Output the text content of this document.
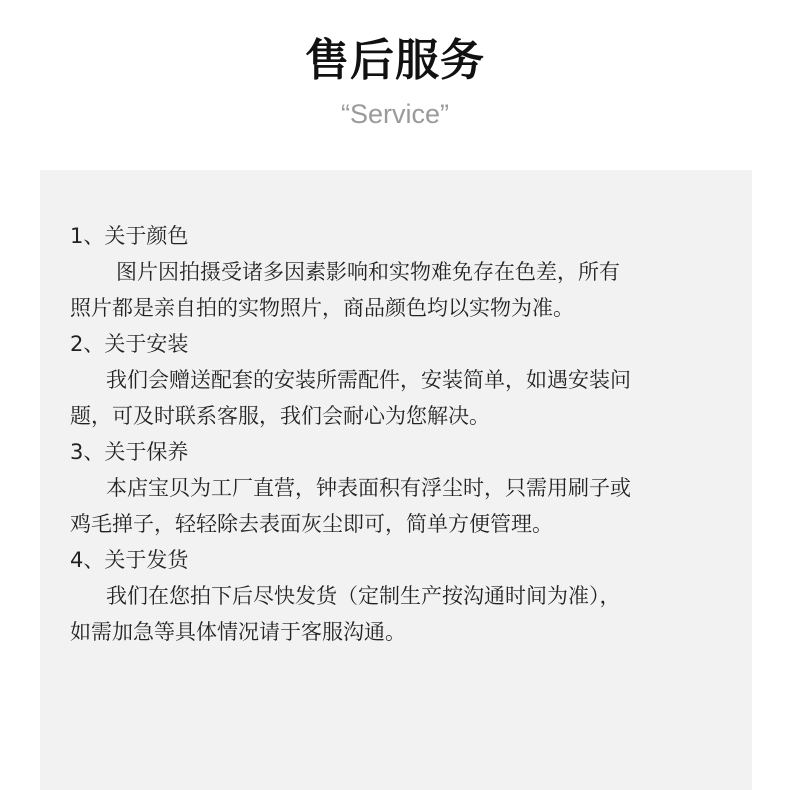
售后服务
“Service”
1、关于颜色
图片因拍摄受诸多因素影响和实物难免存在色差，所有
照片都是亲自拍的实物照片，商品颜色均以实物为准。
2、关于安装
我们会赠送配套的安装所需配件，安装简单，如遇安装问
题，可及时联系客服，我们会耐心为您解决。
3、关于保养
本店宝贝为工厂直营，钟表面积有浮尘时，只需用刷子或
鸡毛掸子，轻轻除去表面灰尘即可，简单方便管理。
4、关于发货
我们在您拍下后尽快发货（定制生产按沟通时间为准），
如需加急等具体情况请于客服沟通。
